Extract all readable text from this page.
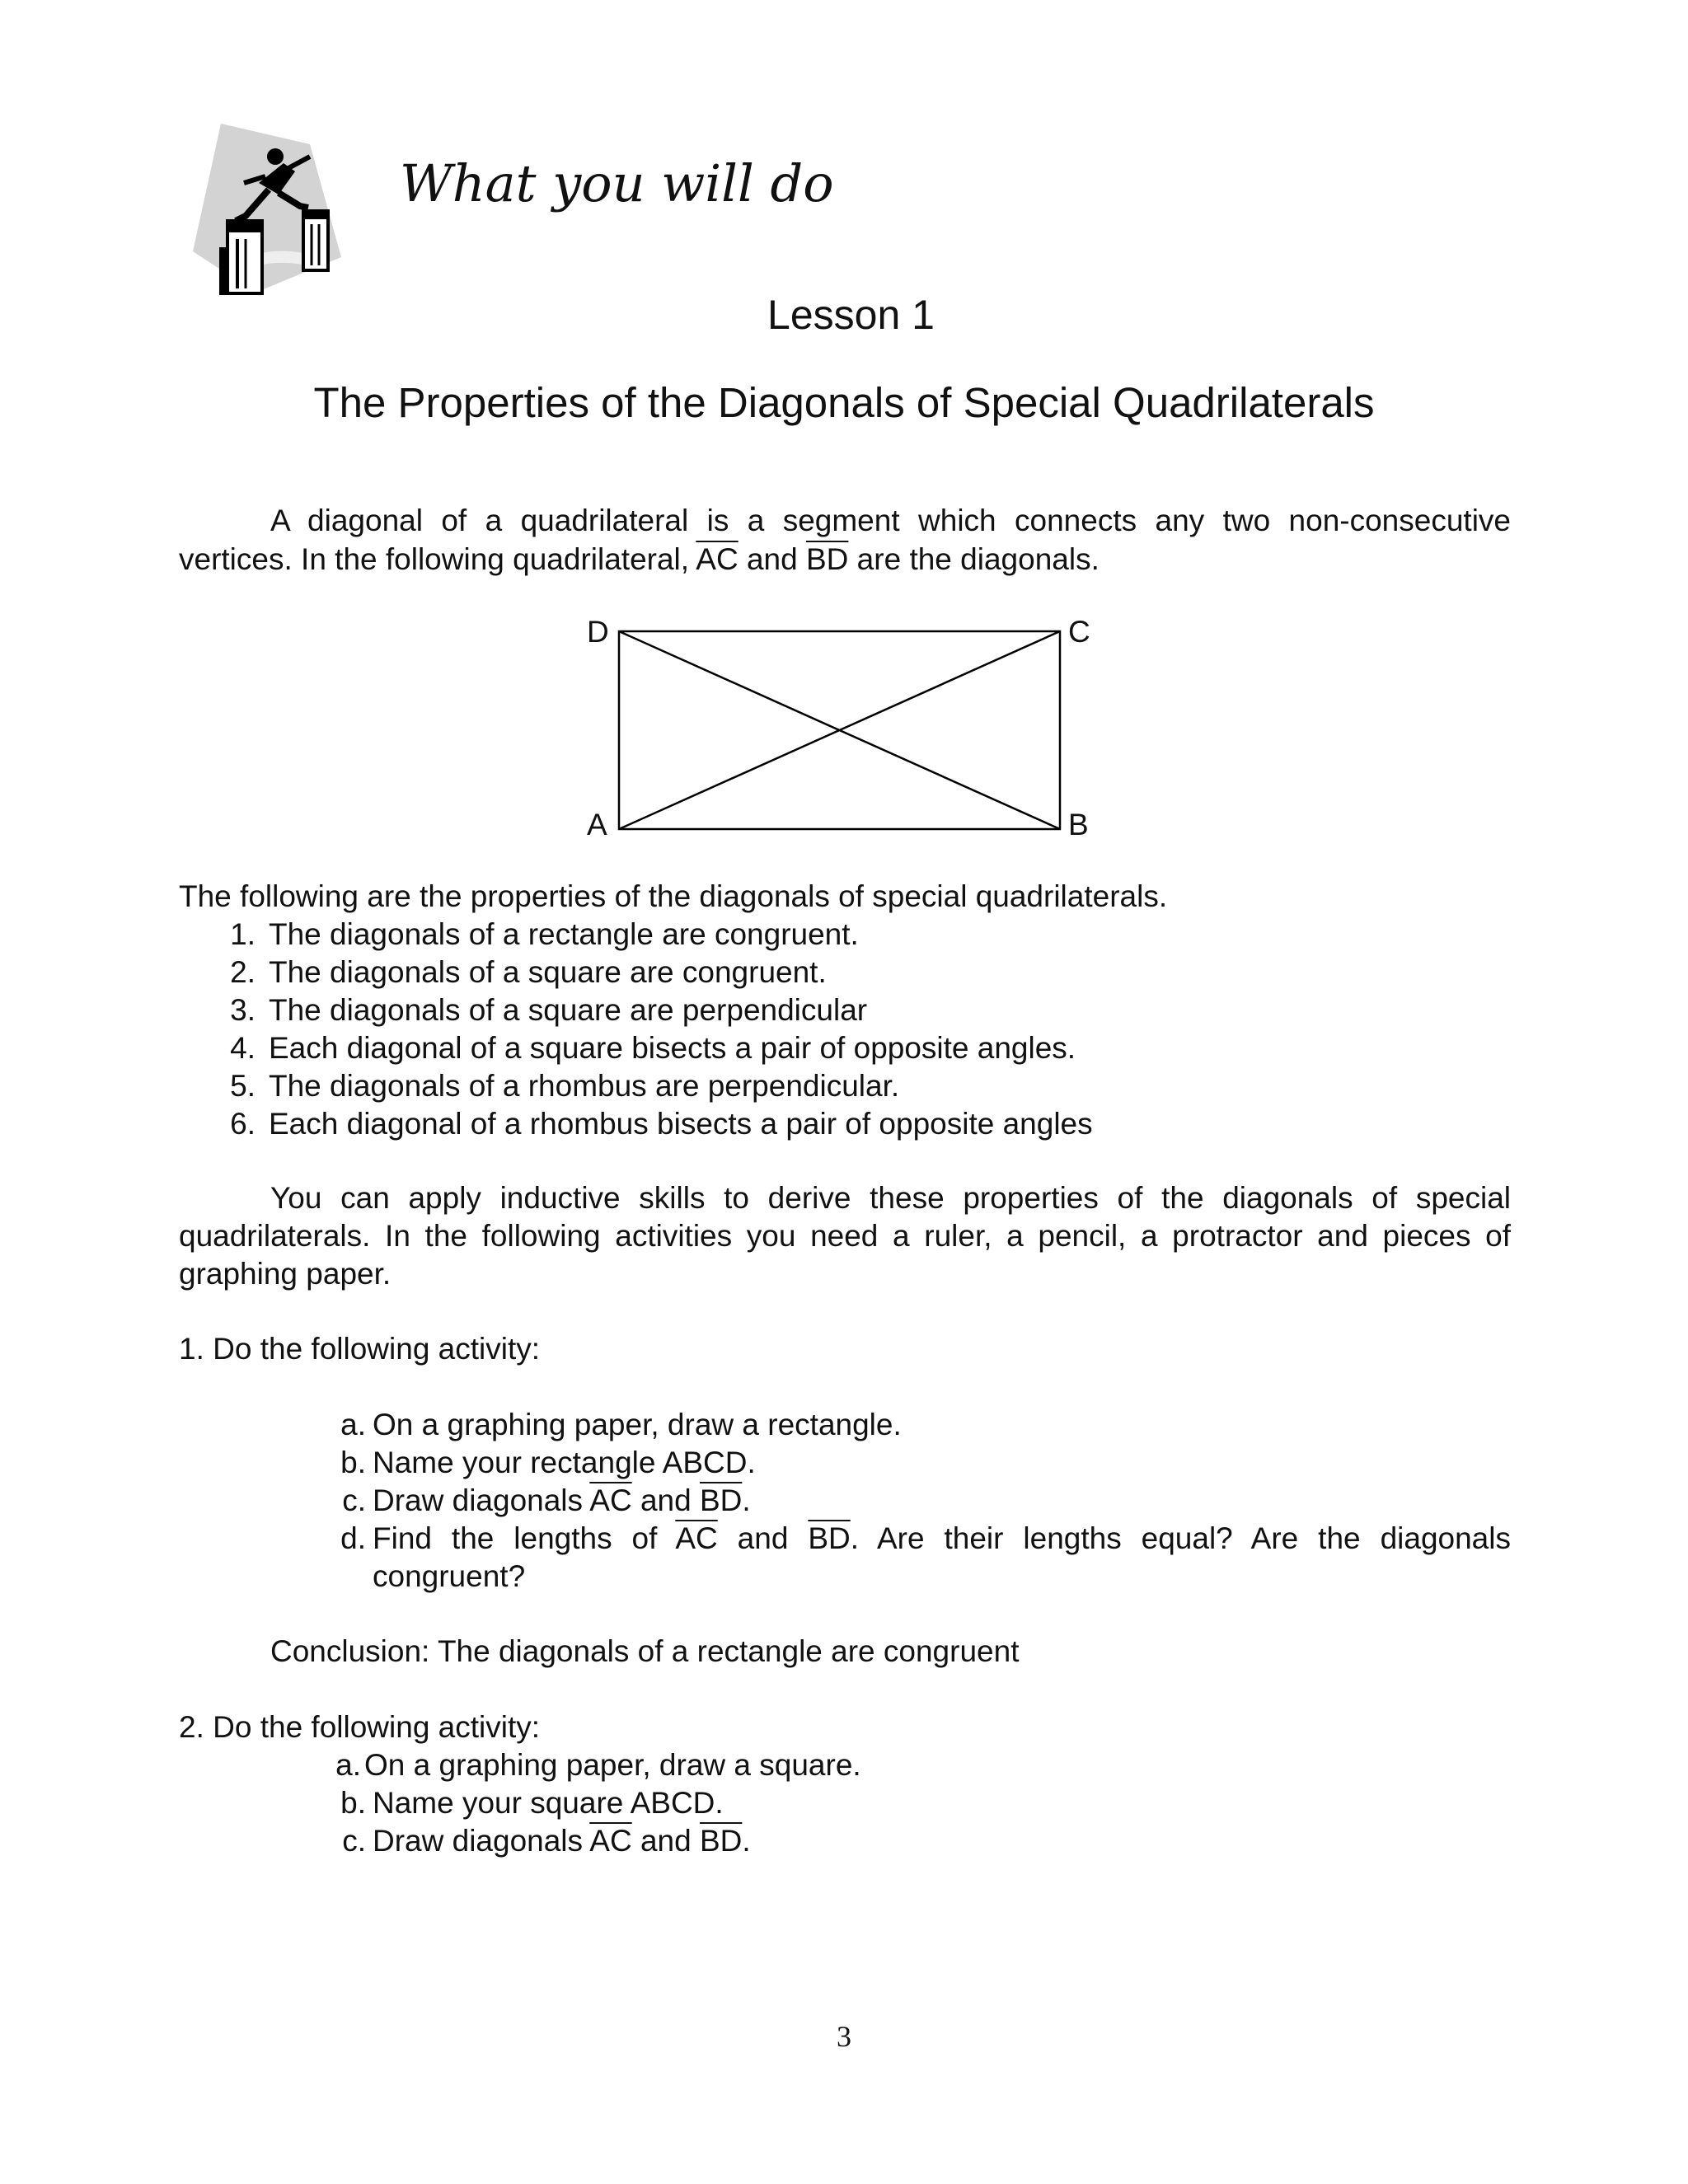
What you will do
Lesson 1
The Properties of the Diagonals of Special Quadrilaterals
A diagonal of a quadrilateral is a segment which connects any two non-consecutive
vertices. In the following quadrilateral, $\overline{AC}$ and $\overline{BD}$ are the diagonals.
D	C
A	B
The following are the properties of the diagonals of special quadrilaterals.
1. The diagonals of a rectangle are congruent.
2. The diagonals of a square are congruent.
3. The diagonals of a square are perpendicular
4. Each diagonal of a square bisects a pair of opposite angles.
5. The diagonals of a rhombus are perpendicular.
6. Each diagonal of a rhombus bisects a pair of opposite angles
You can apply inductive skills to derive these properties of the diagonals of special quadrilaterals. In the following activities you need a ruler, a pencil, a protractor and pieces of graphing paper.
1. Do the following activity:
a. On a graphing paper, draw a rectangle.
b. Name your rectangle ABCD.
c. Draw diagonals $\overline{AC}$ and $\overline{BD}$.
d. Find the lengths of $\overline{AC}$ and $\overline{BD}$. Are their lengths equal? Are the diagonals
congruent?
Conclusion: The diagonals of a rectangle are congruent
2. Do the following activity:
a. On a graphing paper, draw a square.
b. Name your square ABCD.
c. Draw diagonals $\overline{AC}$ and $\overline{BD}$.
3
